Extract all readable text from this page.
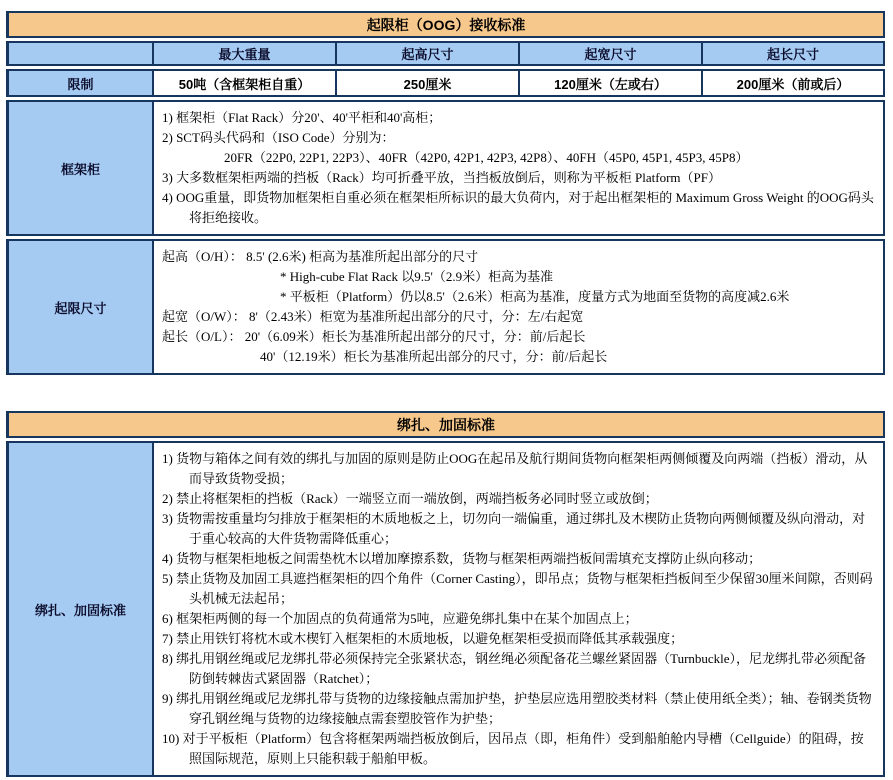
起限柜（OOG）接收标准				
	最大重量	起高尺寸	起宽尺寸	起长尺寸
限制	50吨（含框架柜自重）	250厘米	120厘米（左或右）	200厘米（前或后）
框架柜	1) 框架柜（Flat Rack）分20'、40'平柜和40'高柜；
2) SCT码头代码和（ISO Code）分别为：
20FR（22P0, 22P1, 22P3）、40FR（42P0, 42P1, 42P3, 42P8）、40FH（45P0, 45P1, 45P3, 45P8）
3) 大多数框架柜两端的挡板（Rack）均可折叠平放，当挡板放倒后，则称为平板柜 Platform（PF）
4) OOG重量，即货物加框架柜自重必须在框架柜所标识的最大负荷内，对于起出框架柜的 Maximum Gross Weight 的OOG码头将拒绝接收。			

起限尺寸	
起高（O/H）： 8.5' (2.6米) 柜高为基准所起出部分的尺寸
* High-cube Flat Rack 以9.5'（2.9米）柜高为基准
* 平板柜（Platform）仍以8.5'（2.6米）柜高为基准，度量方式为地面至货物的高度减2.6米
起宽（O/W）： 8'（2.43米）柜宽为基准所起出部分的尺寸，分：左/右起宽
起长（O/L）： 20'（6.09米）柜长为基准所起出部分的尺寸，分：前/后起长
40'（12.19米）柜长为基准所起出部分的尺寸，分：前/后起长
绑扎、加固标准
绑扎、加固标准	
1) 货物与箱体之间有效的绑扎与加固的原则是防止OOG在起吊及航行期间货物向框架柜两侧倾覆及向两端（挡板）滑动，从而导致货物受损；
2) 禁止将框架柜的挡板（Rack）一端竖立而一端放倒，两端挡板务必同时竖立或放倒；
3) 货物需按重量均匀排放于框架柜的木质地板之上，切勿向一端偏重，通过绑扎及木楔防止货物向两侧倾覆及纵向滑动，对于重心较高的大件货物需降低重心；
4) 货物与框架柜地板之间需垫枕木以增加摩擦系数，货物与框架柜两端挡板间需填充支撑防止纵向移动；
5) 禁止货物及加固工具遮挡框架柜的四个角件（Corner Casting），即吊点；货物与框架柜挡板间至少保留30厘米间隙，否则码头机械无法起吊；
6) 框架柜两侧的每一个加固点的负荷通常为5吨，应避免绑扎集中在某个加固点上；
7) 禁止用铁钉将枕木或木楔钉入框架柜的木质地板，以避免框架柜受损而降低其承载强度；
8) 绑扎用钢丝绳或尼龙绑扎带必须保持完全张紧状态，钢丝绳必须配备花兰螺丝紧固器（Turnbuckle），尼龙绑扎带必须配备防倒转棘齿式紧固器（Ratchet）；
9) 绑扎用钢丝绳或尼龙绑扎带与货物的边缘接触点需加护垫，护垫层应选用塑胶类材料（禁止使用纸全类）；轴、卷钢类货物穿孔钢丝绳与货物的边缘接触点需套塑胶管作为护垫；
10) 对于平板柜（Platform）包含将框架两端挡板放倒后，因吊点（即，柜角件）受到船舶舱内导槽（Cellguide）的阻碍，按照国际规范，原则上只能积载于船舶甲板。
